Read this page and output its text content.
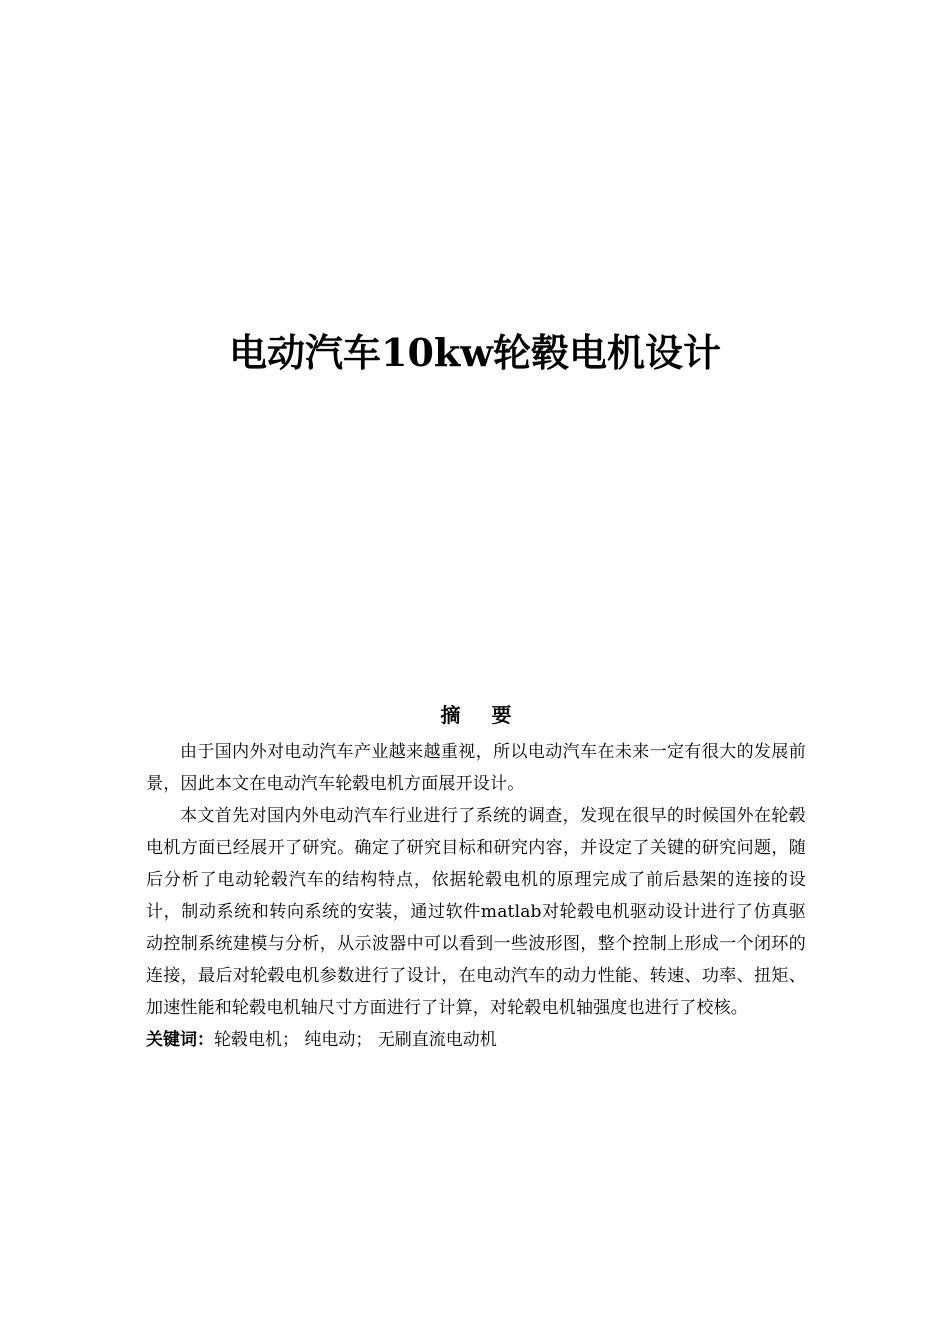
电动汽车10kw轮毂电机设计
摘 要

由于国内外对电动汽车产业越来越重视，所以电动汽车在未来一定有很大的发展前景，因此本文在电动汽车轮毂电机方面展开设计。

本文首先对国内外电动汽车行业进行了系统的调查，发现在很早的时候国外在轮毂电机方面已经展开了研究。确定了研究目标和研究内容，并设定了关键的研究问题，随后分析了电动轮毂汽车的结构特点，依据轮毂电机的原理完成了前后悬架的连接的设计，制动系统和转向系统的安装，通过软件matlab对轮毂电机驱动设计进行了仿真驱动控制系统建模与分析，从示波器中可以看到一些波形图，整个控制上形成一个闭环的连接，最后对轮毂电机参数进行了设计，在电动汽车的动力性能、转速、功率、扭矩、加速性能和轮毂电机轴尺寸方面进行了计算，对轮毂电机轴强度也进行了校核。

关键词：轮毂电机； 纯电动； 无刷直流电动机
